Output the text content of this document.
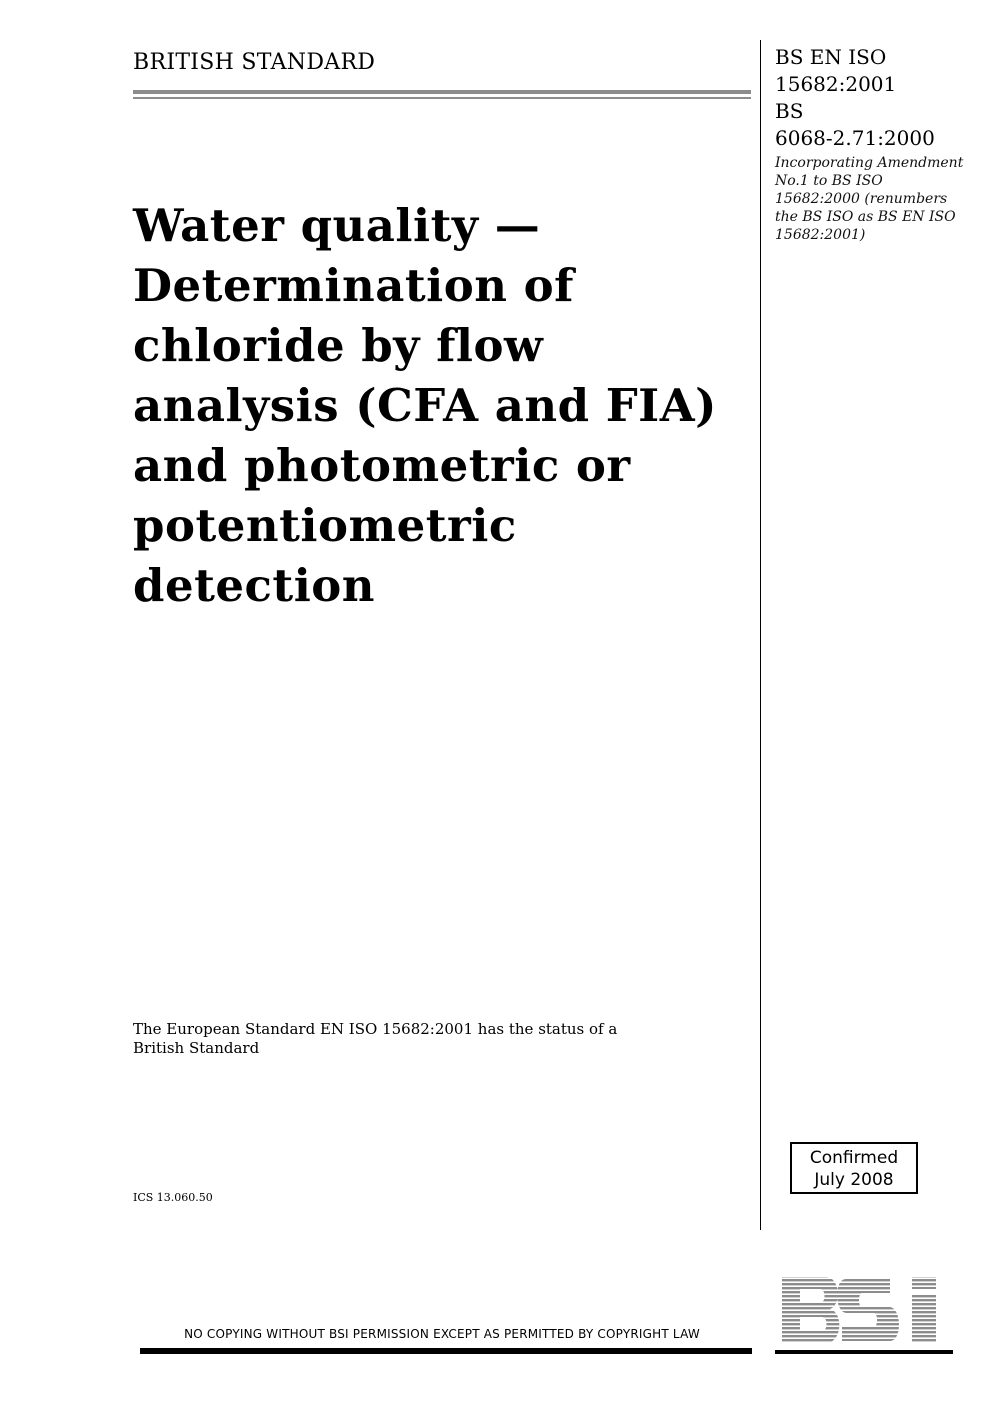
BRITISH STANDARD	BS EN ISO

15682:2001

BS

6068-2.71:2000

Incorporating Amendment No.1 to BS ISO 15682:2000 (renumbers the BS ISO as BS EN ISO 15682:2001)
Water quality —
Determination of
chloride by flow
analysis (CFA and FIA)
and photometric or
potentiometric
detection
The European Standard EN ISO 15682:2001 has the status of a British Standard
ICS 13.060.50
Confirmed
July 2008
BSi
NO COPYING WITHOUT BSI PERMISSION EXCEPT AS PERMITTED BY COPYRIGHT LAW
